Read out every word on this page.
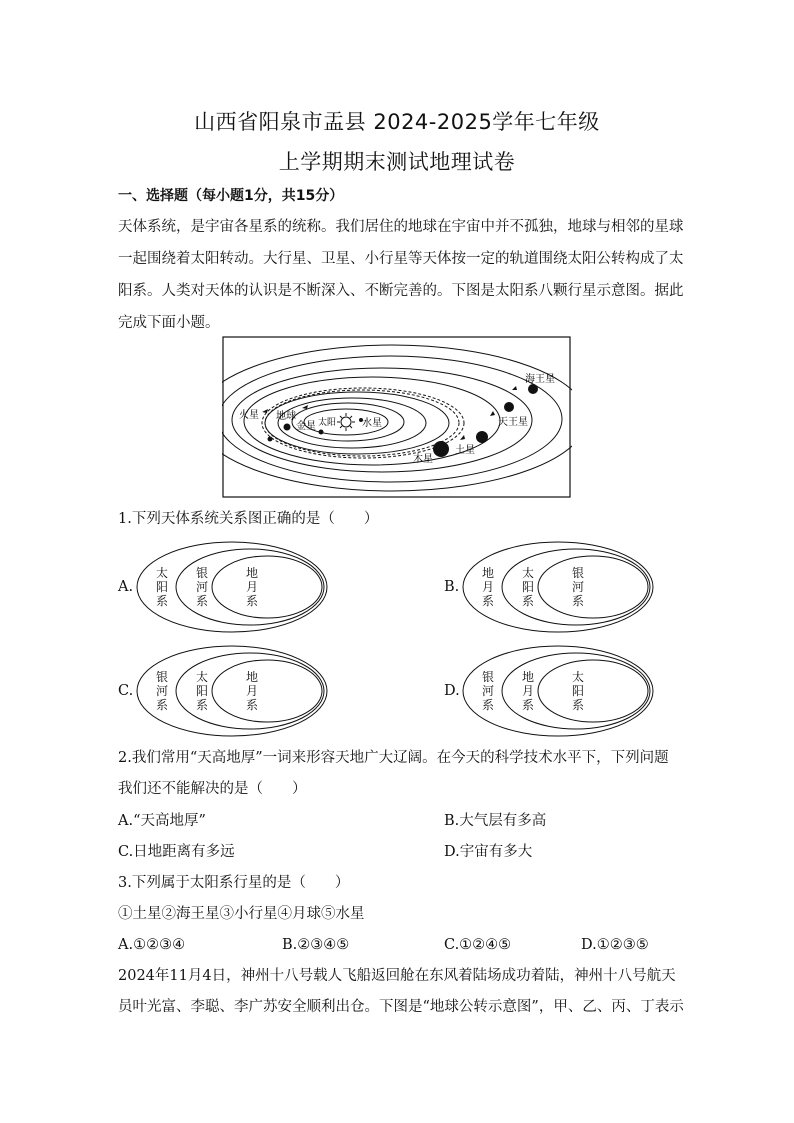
山西省阳泉市盂县 2024-2025学年七年级
上学期期末测试地理试卷
一、选择题（每小题1分，共15分）
天体系统，是宇宙各星系的统称。我们居住的地球在宇宙中并不孤独，地球与相邻的星球
一起围绕着太阳转动。大行星、卫星、小行星等天体按一定的轨道围绕太阳公转构成了太
阳系。人类对天体的认识是不断深入、不断完善的。下图是太阳系八颗行星示意图。据此
完成下面小题。
太阳	水星
金星
地球
火星
木星
土星
天王星
海王星
1.下列天体系统关系图正确的是（　　）
A.	B.
C.	D.
太阳系
银河系
地月系
地月系
太阳系
银河系
银河系
太阳系
地月系
银河系
地月系
太阳系
2.我们常用“天高地厚”一词来形容天地广大辽阔。在今天的科学技术水平下，下列问题
我们还不能解决的是（　　）
A.“天高地厚”	B.大气层有多高
C.日地距离有多远	D.宇宙有多大
3.下列属于太阳系行星的是（　　）
①土星②海王星③小行星④月球⑤水星
A.①②③④	B.②③④⑤	C.①②④⑤	D.①②③⑤
2024年11月4日，神州十八号载人飞船返回舱在东风着陆场成功着陆，神州十八号航天
员叶光富、李聪、李广苏安全顺利出仓。下图是“地球公转示意图”，甲、乙、丙、丁表示
